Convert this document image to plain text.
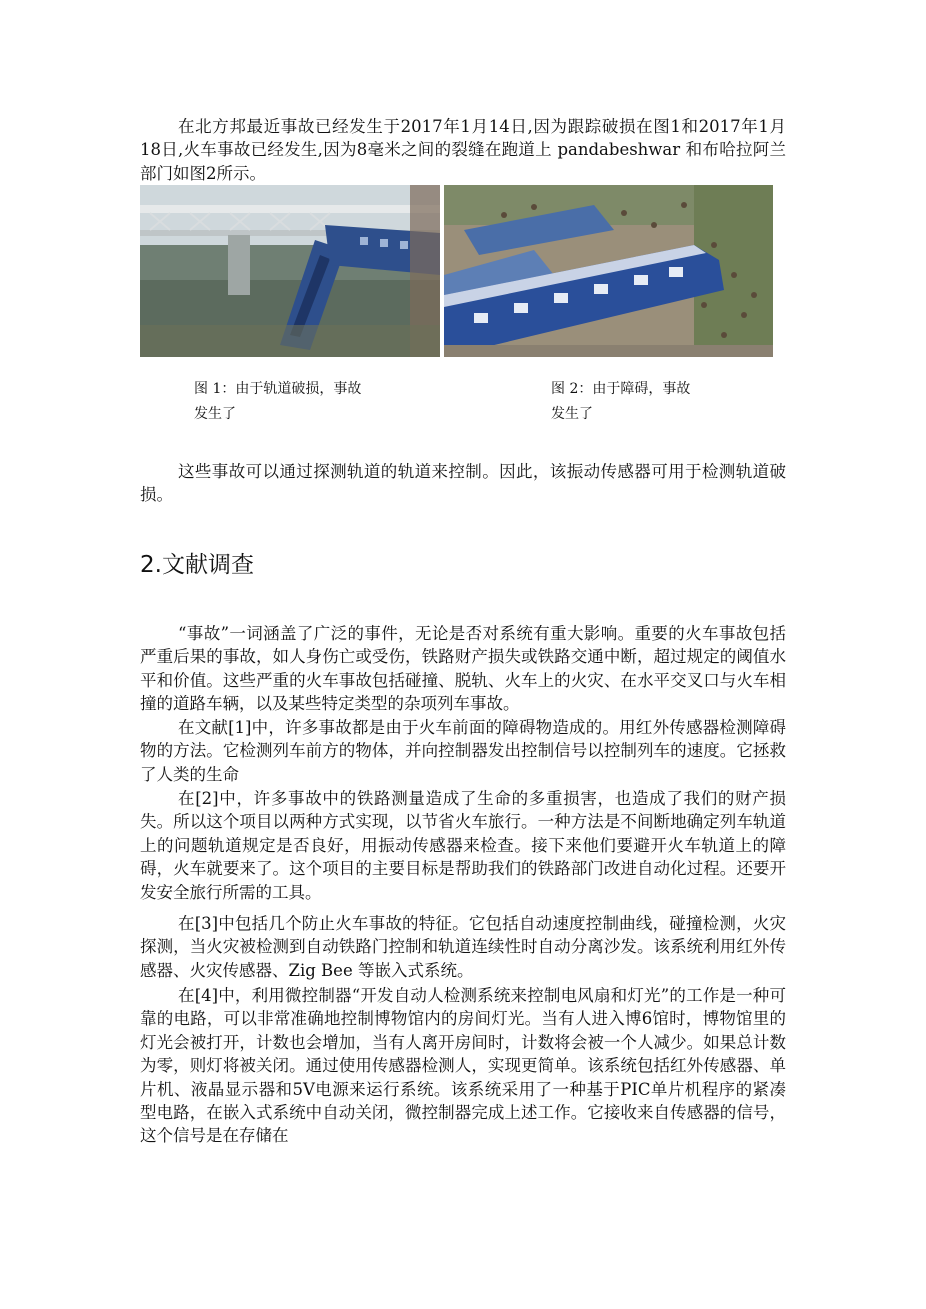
在北方邦最近事故已经发生于2017年1月14日,因为跟踪破损在图1和2017年1月18日,火车事故已经发生,因为8毫米之间的裂缝在跑道上 pandabeshwar 和布哈拉阿兰部门如图2所示。

图 1：由于轨道破损，事故发生了

图 2：由于障碍，事故发生了

这些事故可以通过探测轨道的轨道来控制。因此，该振动传感器可用于检测轨道破损。

2.文献调查

“事故”一词涵盖了广泛的事件，无论是否对系统有重大影响。重要的火车事故包括严重后果的事故，如人身伤亡或受伤，铁路财产损失或铁路交通中断，超过规定的阈值水平和价值。这些严重的火车事故包括碰撞、脱轨、火车上的火灾、在水平交叉口与火车相撞的道路车辆，以及某些特定类型的杂项列车事故。

在文献[1]中，许多事故都是由于火车前面的障碍物造成的。用红外传感器检测障碍物的方法。它检测列车前方的物体，并向控制器发出控制信号以控制列车的速度。它拯救了人类的生命

在[2]中，许多事故中的铁路测量造成了生命的多重损害，也造成了我们的财产损失。所以这个项目以两种方式实现，以节省火车旅行。一种方法是不间断地确定列车轨道上的问题轨道规定是否良好，用振动传感器来检查。接下来他们要避开火车轨道上的障碍，火车就要来了。这个项目的主要目标是帮助我们的铁路部门改进自动化过程。还要开发安全旅行所需的工具。

在[3]中包括几个防止火车事故的特征。它包括自动速度控制曲线，碰撞检测，火灾探测，当火灾被检测到自动铁路门控制和轨道连续性时自动分离沙发。该系统利用红外传感器、火灾传感器、Zig Bee 等嵌入式系统。

在[4]中，利用微控制器“开发自动人检测系统来控制电风扇和灯光”的工作是一种可靠的电路，可以非常准确地控制博物馆内的房间灯光。当有人进入博6馆时，博物馆里的灯光会被打开，计数也会增加，当有人离开房间时，计数将会被一个人减少。如果总计数为零，则灯将被关闭。通过使用传感器检测人，实现更简单。该系统包括红外传感器、单片机、液晶显示器和5V电源来运行系统。该系统采用了一种基于PIC单片机程序的紧凑型电路，在嵌入式系统中自动关闭，微控制器完成上述工作。它接收来自传感器的信号，这个信号是在存储在
